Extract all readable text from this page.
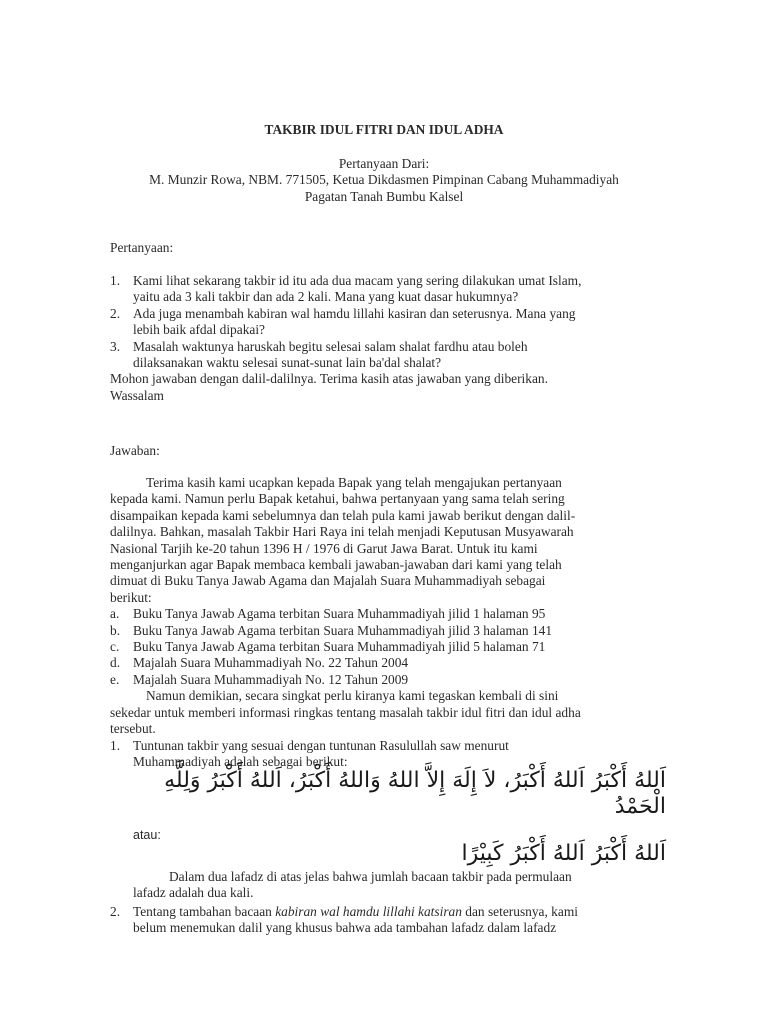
TAKBIR IDUL FITRI DAN IDUL ADHA
Pertanyaan Dari:
M. Munzir Rowa, NBM. 771505, Ketua Dikdasmen Pimpinan Cabang Muhammadiyah
Pagatan Tanah Bumbu Kalsel
Pertanyaan:
1. Kami lihat sekarang takbir id itu ada dua macam yang sering dilakukan umat Islam,
yaitu ada 3 kali takbir dan ada 2 kali. Mana yang kuat dasar hukumnya?
2. Ada juga menambah kabiran wal hamdu lillahi kasiran dan seterusnya. Mana yang
lebih baik afdal dipakai?
3. Masalah waktunya haruskah begitu selesai salam shalat fardhu atau boleh
dilaksanakan waktu selesai sunat-sunat lain ba'dal shalat?
Mohon jawaban dengan dalil-dalilnya. Terima kasih atas jawaban yang diberikan.
Wassalam
Jawaban:
Terima kasih kami ucapkan kepada Bapak yang telah mengajukan pertanyaan
kepada kami. Namun perlu Bapak ketahui, bahwa pertanyaan yang sama telah sering
disampaikan kepada kami sebelumnya dan telah pula kami jawab berikut dengan dalil-
dalilnya. Bahkan, masalah Takbir Hari Raya ini telah menjadi Keputusan Musyawarah
Nasional Tarjih ke-20 tahun 1396 H / 1976 di Garut Jawa Barat. Untuk itu kami
menganjurkan agar Bapak membaca kembali jawaban-jawaban dari kami yang telah
dimuat di Buku Tanya Jawab Agama dan Majalah Suara Muhammadiyah sebagai
berikut:
a. Buku Tanya Jawab Agama terbitan Suara Muhammadiyah jilid 1 halaman 95
b. Buku Tanya Jawab Agama terbitan Suara Muhammadiyah jilid 3 halaman 141
c. Buku Tanya Jawab Agama terbitan Suara Muhammadiyah jilid 5 halaman 71
d. Majalah Suara Muhammadiyah No. 22 Tahun 2004
e. Majalah Suara Muhammadiyah No. 12 Tahun 2009
Namun demikian, secara singkat perlu kiranya kami tegaskan kembali di sini
sekedar untuk memberi informasi ringkas tentang masalah takbir idul fitri dan idul adha
tersebut.
1. Tuntunan takbir yang sesuai dengan tuntunan Rasulullah saw menurut
Muhammadiyah adalah sebagai berikut:
اَللهُ أَكْبَرُ اَللهُ أَكْبَرُ، لاَ إِلَهَ إِلاَّ اللهُ وَاللهُ أَكْبَرُ، اَللهُ أَكْبَرُ وَلِلَّهِ الْحَمْدُ
atau:
اَللهُ أَكْبَرُ اَللهُ أَكْبَرُ كَبِيْرًا
Dalam dua lafadz di atas jelas bahwa jumlah bacaan takbir pada permulaan
lafadz adalah dua kali.
2. Tentang tambahan bacaan kabiran wal hamdu lillahi katsiran dan seterusnya, kami
belum menemukan dalil yang khusus bahwa ada tambahan lafadz dalam lafadz
